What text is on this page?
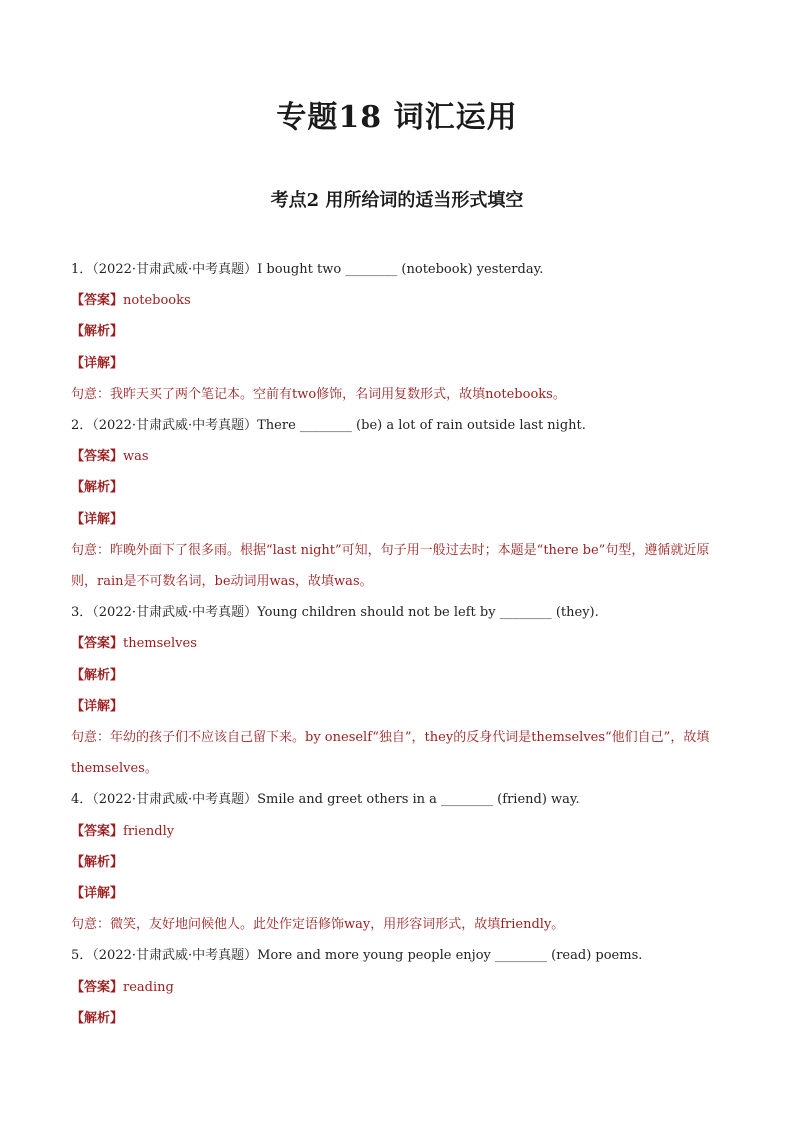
专题18 词汇运用
考点2 用所给词的适当形式填空
1．（2022·甘肃武威·中考真题）I bought two ________ (notebook) yesterday.
【答案】notebooks
【解析】
【详解】
句意：我昨天买了两个笔记本。空前有two修饰，名词用复数形式，故填notebooks。
2．（2022·甘肃武威·中考真题）There ________ (be) a lot of rain outside last night.
【答案】was
【解析】
【详解】
句意：昨晚外面下了很多雨。根据“last night”可知，句子用一般过去时；本题是“there be”句型，遵循就近原则，rain是不可数名词，be动词用was，故填was。
3．（2022·甘肃武威·中考真题）Young children should not be left by ________ (they).
【答案】themselves
【解析】
【详解】
句意：年幼的孩子们不应该自己留下来。by oneself“独自”，they的反身代词是themselves“他们自己”，故填themselves。
4．（2022·甘肃武威·中考真题）Smile and greet others in a ________ (friend) way.
【答案】friendly
【解析】
【详解】
句意：微笑，友好地问候他人。此处作定语修饰way，用形容词形式，故填friendly。
5．（2022·甘肃武威·中考真题）More and more young people enjoy ________ (read) poems.
【答案】reading
【解析】
